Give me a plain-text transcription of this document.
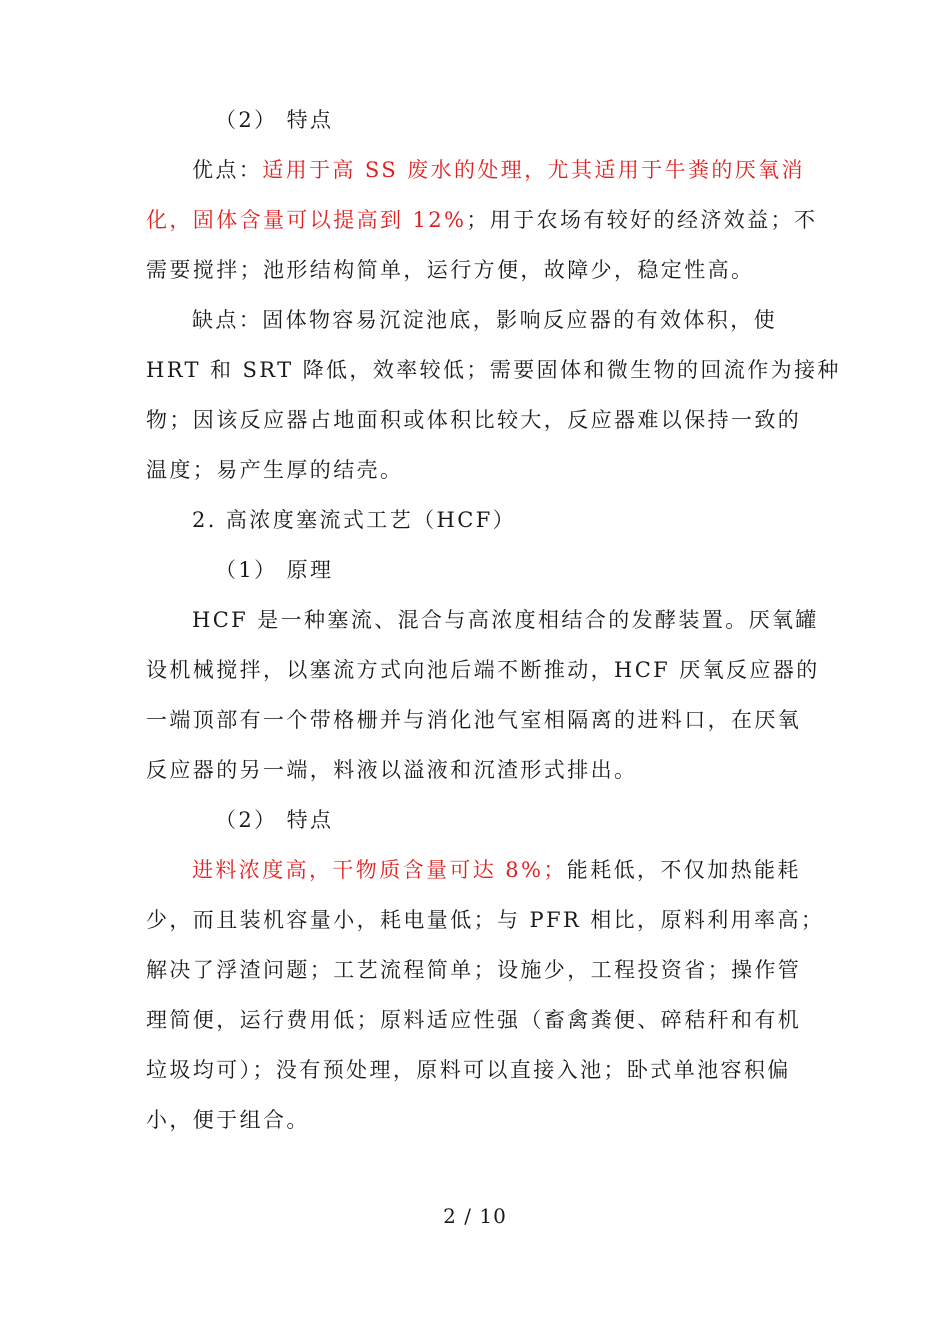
（2） 特点
优点：适用于高 SS 废水的处理，尤其适用于牛粪的厌氧消
化，固体含量可以提高到 12%；用于农场有较好的经济效益；不
需要搅拌；池形结构简单，运行方便，故障少，稳定性高。
缺点：固体物容易沉淀池底，影响反应器的有效体积，使
HRT 和 SRT 降低，效率较低；需要固体和微生物的回流作为接种
物；因该反应器占地面积或体积比较大，反应器难以保持一致的
温度；易产生厚的结壳。
2. 高浓度塞流式工艺（HCF）
（1） 原理
HCF 是一种塞流、混合与高浓度相结合的发酵装置。厌氧罐
设机械搅拌，以塞流方式向池后端不断推动，HCF 厌氧反应器的
一端顶部有一个带格栅并与消化池气室相隔离的进料口，在厌氧
反应器的另一端，料液以溢液和沉渣形式排出。
（2） 特点
进料浓度高，干物质含量可达 8%；能耗低，不仅加热能耗
少，而且装机容量小，耗电量低；与 PFR 相比，原料利用率高；
解决了浮渣问题；工艺流程简单；设施少，工程投资省；操作管
理简便，运行费用低；原料适应性强（畜禽粪便、碎秸秆和有机
垃圾均可）；没有预处理，原料可以直接入池；卧式单池容积偏
小，便于组合。
2 / 10
